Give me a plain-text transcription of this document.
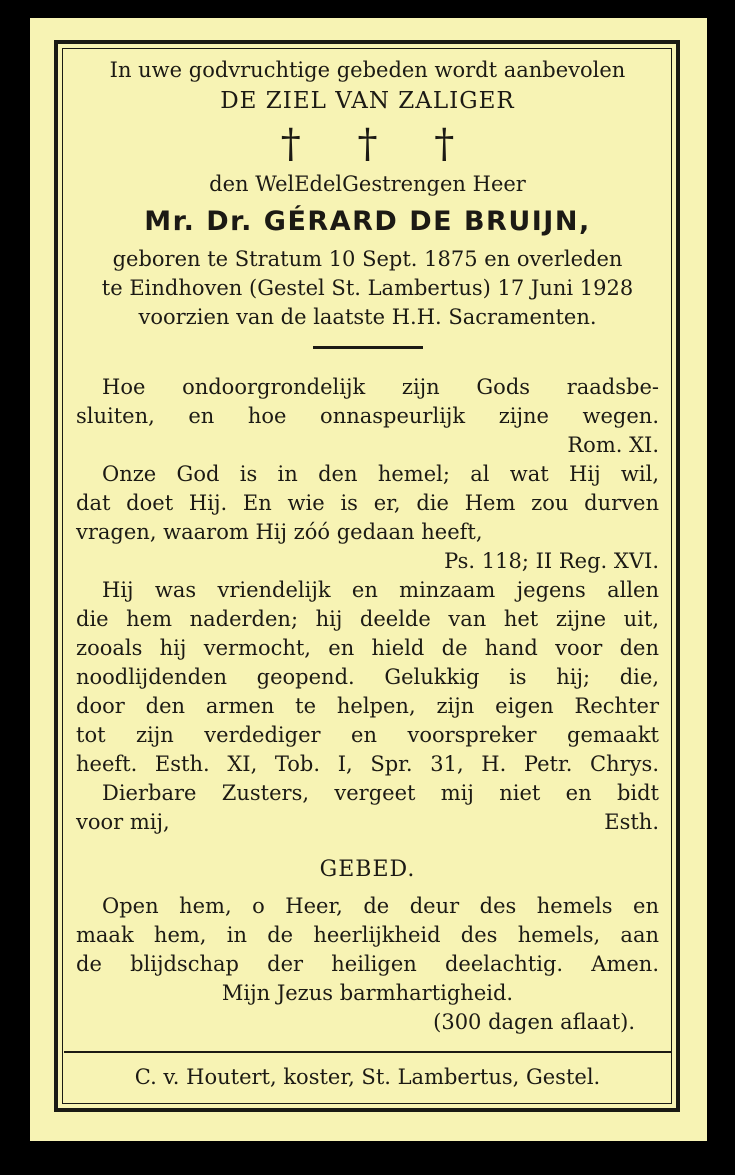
In uwe godvruchtige gebeden wordt aanbevolen
DE ZIEL VAN ZALIGER
† † †
den WelEdelGestrengen Heer
Mr. Dr. GÉRARD DE BRUIJN,
geboren te Stratum 10 Sept. 1875 en overleden
te Eindhoven (Gestel St. Lambertus) 17 Juni 1928
voorzien van de laatste H.H. Sacramenten.
Hoe ondoorgrondelijk zijn Gods raadsbe-
sluiten, en hoe onnaspeurlijk zijne wegen.
Rom. XI.
Onze God is in den hemel; al wat Hij wil,
dat doet Hij. En wie is er, die Hem zou durven
vragen, waarom Hij zóó gedaan heeft,
Ps. 118; II Reg. XVI.
Hij was vriendelijk en minzaam jegens allen
die hem naderden; hij deelde van het zijne uit,
zooals hij vermocht, en hield de hand voor den
noodlijdenden geopend. Gelukkig is hij; die,
door den armen te helpen, zijn eigen Rechter
tot zijn verdediger en voorspreker gemaakt
heeft. Esth. XI, Tob. I, Spr. 31, H. Petr. Chrys.
Dierbare Zusters, vergeet mij niet en bidt
voor mij,	Esth.
GEBED.
Open hem, o Heer, de deur des hemels en
maak hem, in de heerlijkheid des hemels, aan
de blijdschap der heiligen deelachtig. Amen.
Mijn Jezus barmhartigheid.
(300 dagen aflaat).
C. v. Houtert, koster, St. Lambertus, Gestel.
